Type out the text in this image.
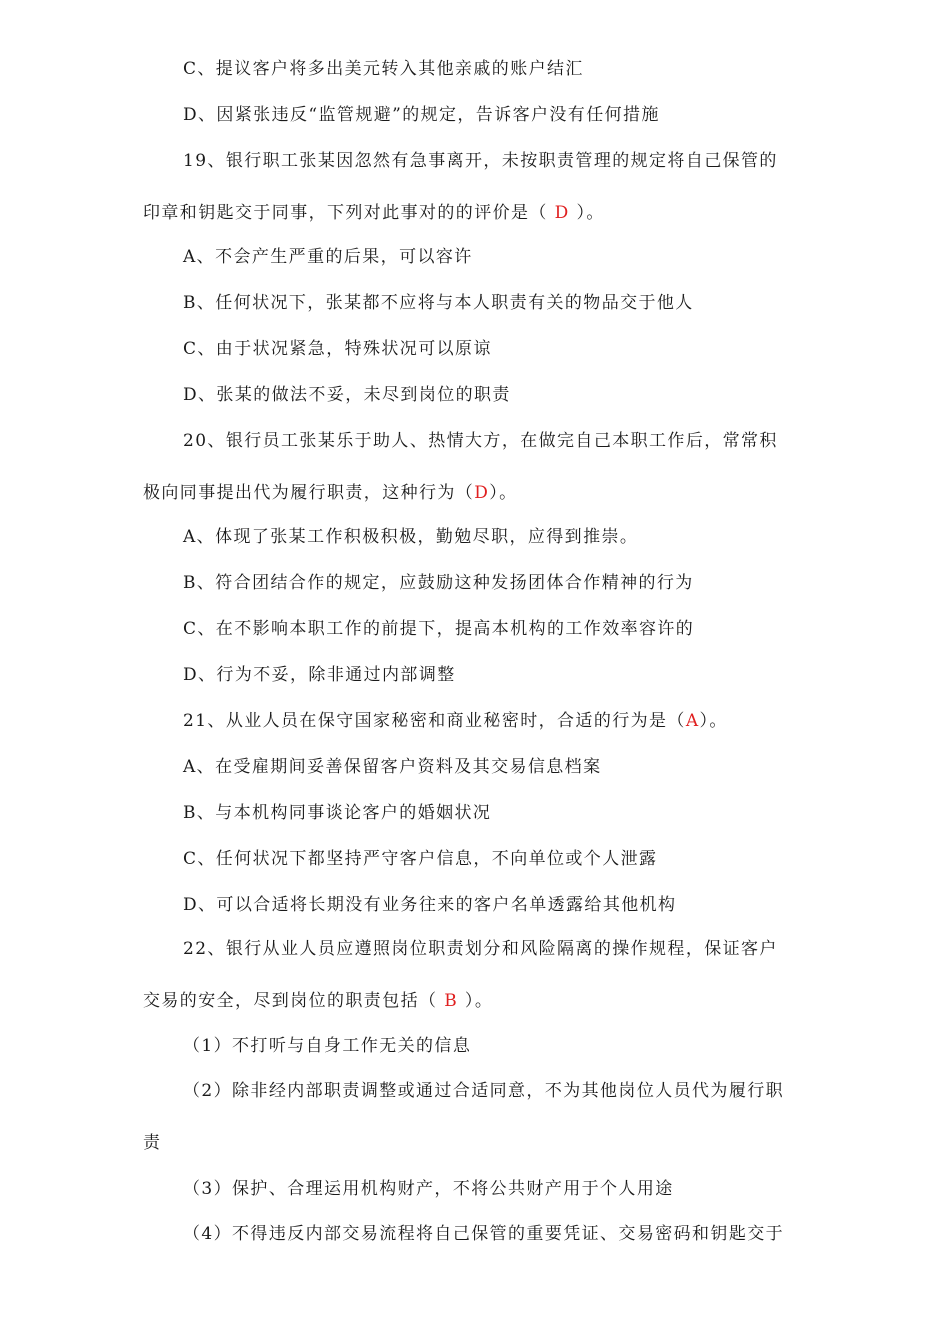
C、提议客户将多出美元转入其他亲戚的账户结汇
D、因紧张违反“监管规避”的规定，告诉客户没有任何措施
19、银行职工张某因忽然有急事离开，未按职责管理的规定将自己保管的
印章和钥匙交于同事，下列对此事对的的评价是（ D ）。
A、不会产生严重的后果，可以容许
B、任何状况下，张某都不应将与本人职责有关的物品交于他人
C、由于状况紧急，特殊状况可以原谅
D、张某的做法不妥，未尽到岗位的职责
20、银行员工张某乐于助人、热情大方，在做完自己本职工作后，常常积
极向同事提出代为履行职责，这种行为（D）。
A、体现了张某工作积极积极，勤勉尽职，应得到推崇。
B、符合团结合作的规定，应鼓励这种发扬团体合作精神的行为
C、在不影响本职工作的前提下，提高本机构的工作效率容许的
D、行为不妥，除非通过内部调整
21、从业人员在保守国家秘密和商业秘密时，合适的行为是（A）。
A、在受雇期间妥善保留客户资料及其交易信息档案
B、与本机构同事谈论客户的婚姻状况
C、任何状况下都坚持严守客户信息，不向单位或个人泄露
D、可以合适将长期没有业务往来的客户名单透露给其他机构
22、银行从业人员应遵照岗位职责划分和风险隔离的操作规程，保证客户
交易的安全，尽到岗位的职责包括（ B ）。
（1）不打听与自身工作无关的信息
（2）除非经内部职责调整或通过合适同意，不为其他岗位人员代为履行职
责
（3）保护、合理运用机构财产，不将公共财产用于个人用途
（4）不得违反内部交易流程将自己保管的重要凭证、交易密码和钥匙交于
